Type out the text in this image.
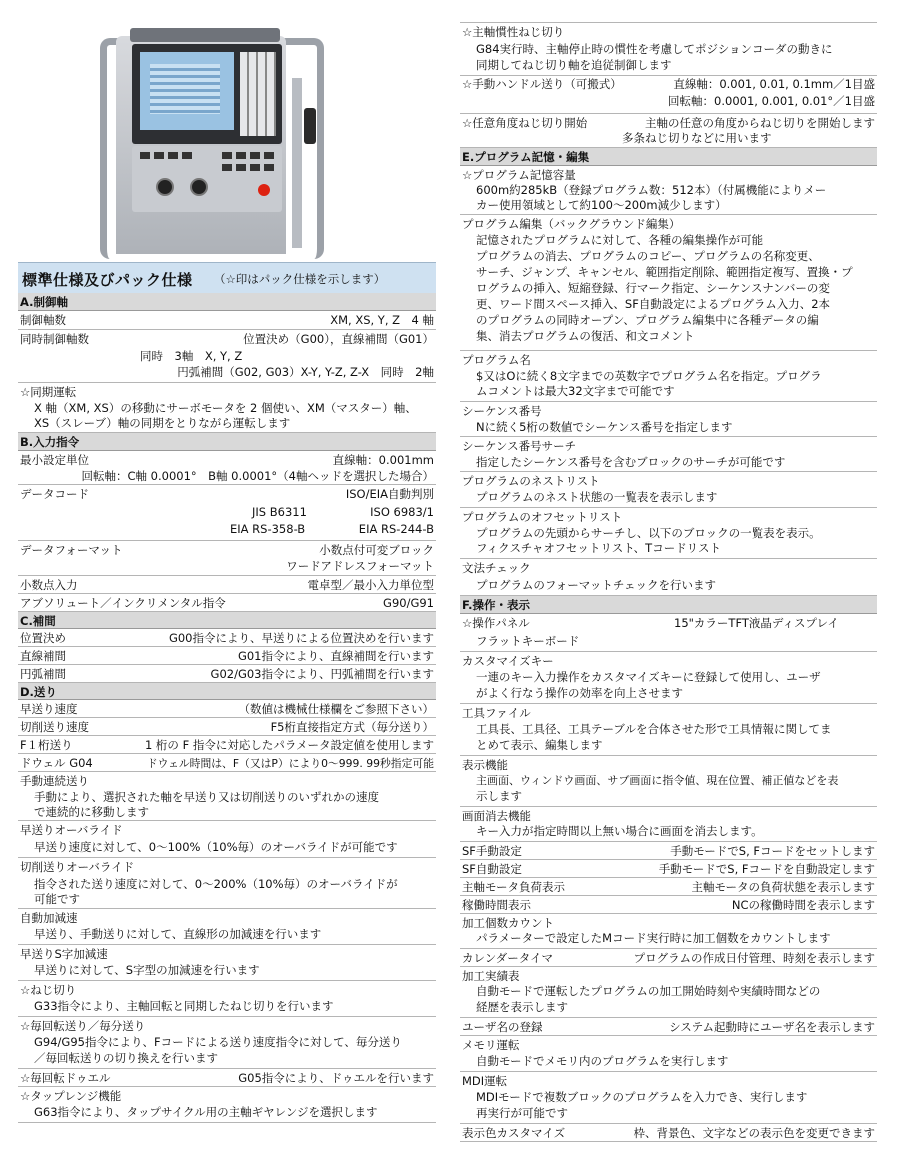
標準仕様及びパック仕様 （☆印はパック仕様を示します）
A.制御軸
制御軸数	XM, XS, Y, Z　4 軸
同時制御軸数	位置決め（G00），直線補間（G01）
同時　3軸　X, Y, Z
円弧補間（G02, G03）X-Y, Y-Z, Z-X　同時　2軸
☆同期運転
X 軸（XM, XS）の移動にサーボモータを 2 個使い、XM（マスター）軸、
XS（スレーブ）軸の同期をとりながら運転します
B.入力指令
最小設定単位	直線軸：0.001mm
回転軸：C軸 0.0001°　B軸 0.0001°（4軸ヘッドを選択した場合）
データコード	ISO/EIA自動判別
JIS B6311	ISO 6983/1
EIA RS-358-B	EIA RS-244-B
データフォーマット	小数点付可変ブロック
ワードアドレスフォーマット
小数点入力	電卓型／最小入力単位型
アブソリュート／インクリメンタル指令	G90/G91
C.補間
位置決め	G00指令により、早送りによる位置決めを行います
直線補間	G01指令により、直線補間を行います
円弧補間	G02/G03指令により、円弧補間を行います
D.送り
早送り速度	（数値は機械仕様欄をご参照下さい）
切削送り速度	F5桁直接指定方式（毎分送り）
F１桁送り	1 桁の F 指令に対応したパラメータ設定値を使用します
ドウェル G04	ドウェル時間は、F（又はP）により0～999. 99秒指定可能
手動連続送り
手動により、選択された軸を早送り又は切削送りのいずれかの速度
で連続的に移動します
早送りオーバライド
早送り速度に対して、0～100%（10%毎）のオーバライドが可能です
切削送りオーバライド
指令された送り速度に対して、0～200%（10%毎）のオーバライドが
可能です
自動加減速
早送り、手動送りに対して、直線形の加減速を行います
早送りS字加減速
早送りに対して、S字型の加減速を行います
☆ねじ切り
G33指令により、主軸回転と同期したねじ切りを行います
☆毎回転送り／毎分送り
G94/G95指令により、Fコードによる送り速度指令に対して、毎分送り
／毎回転送りの切り換えを行います
☆毎回転ドゥエル	G05指令により、ドゥエルを行います
☆タップレンジ機能
G63指令により、タップサイクル用の主軸ギヤレンジを選択します
☆主軸慣性ねじ切り
G84実行時、主軸停止時の慣性を考慮してポジションコーダの動きに
同期してねじ切り軸を追従制御します
☆手動ハンドル送り（可搬式）	直線軸：0.001, 0.01, 0.1mm／1目盛
回転軸：0.0001, 0.001, 0.01°／1目盛
☆任意角度ねじ切り開始	主軸の任意の角度からねじ切りを開始します
多条ねじ切りなどに用います
E.プログラム記憶・編集
☆プログラム記憶容量
600m約285kB（登録プログラム数：512本）（付属機能によりメー
カー使用領域として約100～200m減少します）
プログラム編集（バックグラウンド編集）
記憶されたプログラムに対して、各種の編集操作が可能
プログラムの消去、プログラムのコピー、プログラムの名称変更、
サーチ、ジャンプ、キャンセル、範囲指定削除、範囲指定複写、置換・プ
ログラムの挿入、短縮登録、行マーク指定、シーケンスナンバーの変
更、ワード間スペース挿入、SF自動設定によるプログラム入力、2本
のプログラムの同時オープン、プログラム編集中に各種データの編
集、消去プログラムの復活、和文コメント
プログラム名
$又はOに続く8文字までの英数字でプログラム名を指定。プログラ
ムコメントは最大32文字まで可能です
シーケンス番号
Nに続く5桁の数値でシーケンス番号を指定します
シーケンス番号サーチ
指定したシーケンス番号を含むブロックのサーチが可能です
プログラムのネストリスト
プログラムのネスト状態の一覧表を表示します
プログラムのオフセットリスト
プログラムの先頭からサーチし、以下のブロックの一覧表を表示。
フィクスチャオフセットリスト、Tコードリスト
文法チェック
プログラムのフォーマットチェックを行います
F.操作・表示
☆操作パネル	15"カラーTFT液晶ディスプレイ
フラットキーボード
カスタマイズキー
一連のキー入力操作をカスタマイズキーに登録して使用し、ユーザ
がよく行なう操作の効率を向上させます
工具ファイル
工具長、工具径、工具テーブルを合体させた形で工具情報に関してま
とめて表示、編集します
表示機能
主画面、ウィンドウ画面、サブ画面に指令値、現在位置、補正値などを表
示します
画面消去機能
キー入力が指定時間以上無い場合に画面を消去します。
SF手動設定	手動モードでS, Fコードをセットします
SF自動設定	手動モードでS, Fコードを自動設定します
主軸モータ負荷表示	主軸モータの負荷状態を表示します
稼働時間表示	NCの稼働時間を表示します
加工個数カウント
パラメーターで設定したMコード実行時に加工個数をカウントします
カレンダータイマ	プログラムの作成日付管理、時刻を表示します
加工実績表
自動モードで運転したプログラムの加工開始時刻や実績時間などの
経歴を表示します
ユーザ名の登録	システム起動時にユーザ名を表示します
メモリ運転
自動モードでメモリ内のプログラムを実行します
MDI運転
MDIモードで複数ブロックのプログラムを入力でき、実行します
再実行が可能です
表示色カスタマイズ	枠、背景色、文字などの表示色を変更できます
